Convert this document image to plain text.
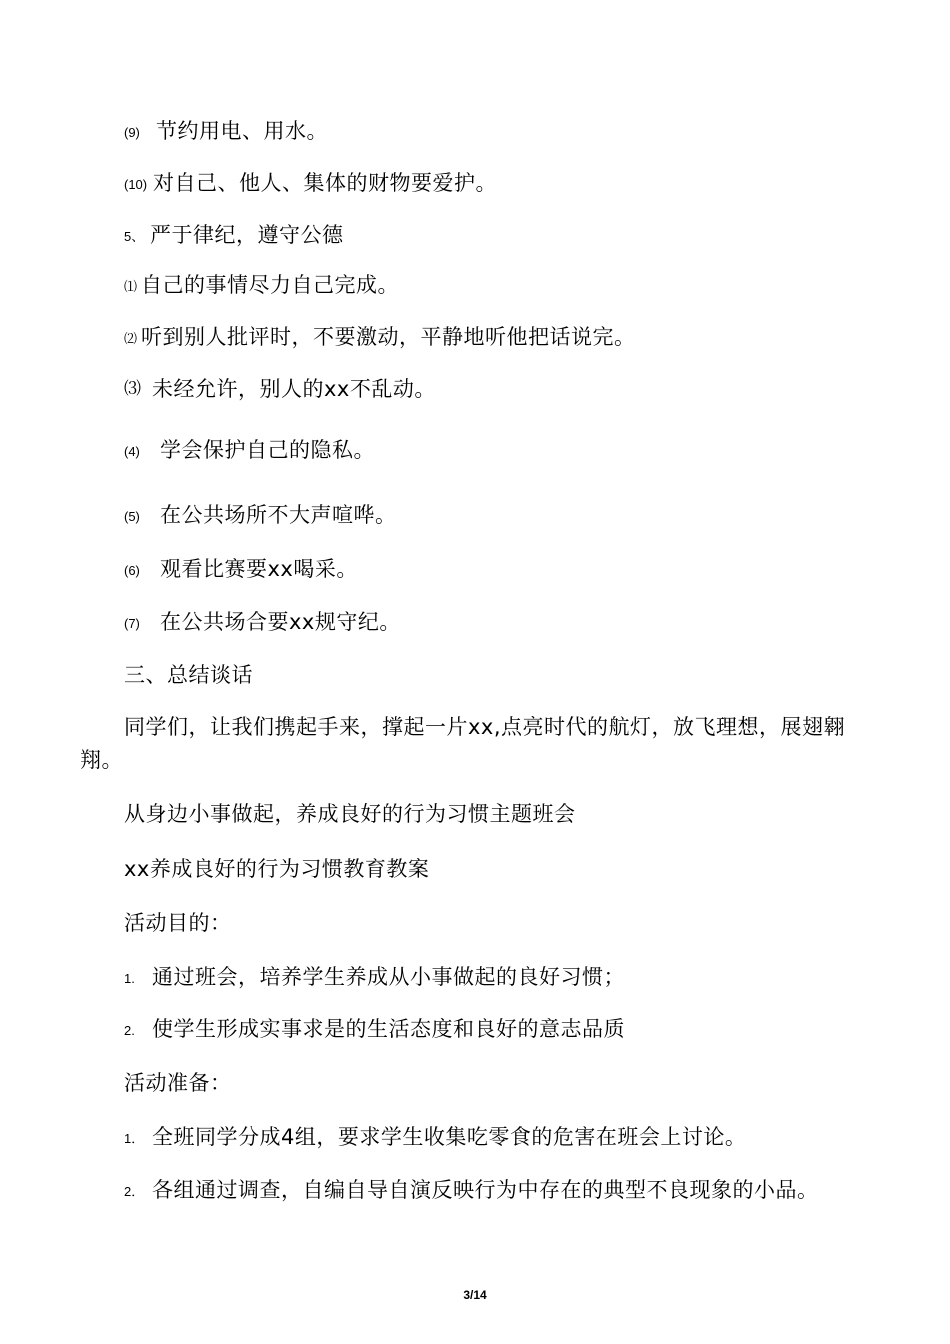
(9) 节约用电、用水。
(10) 对自己、他人、集体的财物要爱护。
5、 严于律纪，遵守公德
⑴ 自己的事情尽力自己完成。
⑵ 听到别人批评时，不要激动，平静地听他把话说完。
⑶ 未经允许，别人的xx不乱动。
(4) 学会保护自己的隐私。
(5) 在公共场所不大声喧哗。
(6) 观看比赛要xx喝采。
(7) 在公共场合要xx规守纪。
三、总结谈话
同学们，让我们携起手来，撑起一片xx,点亮时代的航灯，放飞理想，展翅翱翔。
从身边小事做起，养成良好的行为习惯主题班会
xx养成良好的行为习惯教育教案
活动目的：
1. 通过班会，培养学生养成从小事做起的良好习惯；
2. 使学生形成实事求是的生活态度和良好的意志品质
活动准备：
1． 全班同学分成4组，要求学生收集吃零食的危害在班会上讨论。
2． 各组通过调查，自编自导自演反映行为中存在的典型不良现象的小品。
3/14
